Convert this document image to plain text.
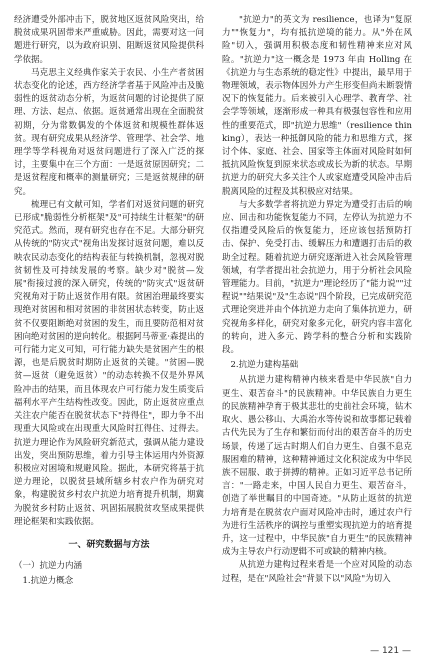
经济遭受外部冲击下，脱贫地区返贫风险突出，给脱贫成果巩固带来严重威胁。因此，需要对这一问题进行研究，以为政府识别、阻断返贫风险提供科学依据。

马克思主义经典作家关于农民、小生产者贫困状态变化的论述，西方经济学者基于风险冲击及脆弱性的返贫动态分析，为返贫问题的讨论提供了原理、方法、起点、依据。返贫通常出现在全面脱贫初期，分为常数偶发的个体返贫和规模性群体返贫。现有研究成果从经济学、管理学、社会学、地理学等学科视角对返贫问题进行了深入广泛的探讨，主要集中在三个方面：一是返贫原因研究；二是返贫程度和概率的测量研究；三是返贫规律的研究。

梳理已有文献可知，学者们对返贫问题的研究已形成"脆弱性分析框架"及"可持续生计框架"的研究范式。然而，现有研究也存在不足。大部分研究从传统的"防灾式"视角出发探讨返贫问题，难以反映农民动态变化的结构表征与转换机制，忽视对脱贫韧性及可持续发展的考察。缺少对"脱贫—发展"衔接过渡的深入研究，传统的"防灾式"返贫研究视角对于防止返贫作用有限。贫困治理最终要实现绝对贫困和相对贫困的非贫困状态转变，防止返贫不仅要阻断绝对贫困的发生，而且要防范相对贫困向绝对贫困的逆向转化。根据阿马蒂亚·森提出的可行能力定义可知，可行能力缺失是贫困产生的根源，也是后脱贫时期防止返贫的关键。"贫困—脱贫—返贫（避免返贫）"的动态转换不仅是外界风险冲击的结果，而且体现农户可行能力发生质变后福利水平产生结构性改变。因此，防止返贫应重点关注农户能否在脱贫状态下"持得住"，即力争不出现重大风险或在出现重大风险时扛得住、过得去。抗逆力理论作为风险研究新范式，强调从能力建设出发，突出预防思维，着力引导主体运用内外资源积极应对困境和规避风险。据此，本研究将基于抗逆力理论，以脱贫县域所辖乡村农户作为研究对象，构建脱贫乡村农户抗逆力培育提升机制，期冀为脱贫乡村防止返贫、巩固拓展脱贫攻坚成果提供理论框架和实践依据。

一、研究数据与方法

（一）抗逆力内涵

1.抗逆力概念

"抗逆力"的英文为 resilience，也译为"复原力""恢复力"，均有抵抗逆境的能力。从"外在风险"切入，强调用积极态度和韧性精神来应对风险。"抗逆力"这一概念是 1973 年由 Holling 在《抗逆力与生态系统的稳定性》中提出，最早用于物理领域，表示物体因外力产生形变但尚未断裂情况下的恢复能力。后来被引入心理学、教育学、社会学等领域，逐渐形成一种具有极强包容性和应用性的重要范式，即"抗逆力思维"（resilience thinking），表达一种抵御风险的能力和思维方式，探讨个体、家庭、社会、国家等主体面对风险时如何抵抗风险恢复到原来状态或成长为新的状态。早期抗逆力的研究大多关注个人或家庭遭受风险冲击后脱离风险的过程及其积极应对结果。

与大多数学者将抗逆力界定为遭受打击后的响应、回击和功能恢复能力不同，左停认为抗逆力不仅指遭受风险后的恢复能力，还应该包括预防打击、保护、免受打击、缓解压力和遭遇打击后的救助全过程。随着抗逆力研究逐渐进入社会风险管理领域，有学者提出社会抗逆力，用于分析社会风险管理能力。目前，"抗逆力"理论经历了"能力说""过程说""结果说"及"生态说"四个阶段，已完成研究范式理论突进并由个体抗逆力走向了集体抗逆力，研究视角多样化，研究对象多元化，研究内容丰富化的转向，进入多元、跨学科的整合分析和实践阶段。

2.抗逆力建构基础

从抗逆力建构精神内核来看是中华民族"自力更生、艰苦奋斗"的民族精神。中华民族自力更生的民族精神孕育于极其悲壮的史前社会环境，钻木取火、愚公移山、大禹治水等传说和故事都记载着古代先民为了生存和繁衍而付出的艰苦奋斗的历史场景，传递了远古时期人们自力更生、自强不息克服困难的精神，这种精神通过文化积淀成为中华民族不屈服、敢于拼搏的精神。正如习近平总书记所言："一路走来，中国人民自力更生、艰苦奋斗，创造了举世瞩目的中国奇迹。"从防止返贫的抗逆力培育是在脱贫农户面对风险冲击时，通过农户行为进行生活秩序的调控与重塑实现抗逆力的培育提升，这一过程中，中华民族"自力更生"的民族精神成为主导农户行动逻辑不可或缺的精神内核。

从抗逆力建构过程来看是一个应对风险的动态过程，是在"风险社会"背景下以"风险"为切入

— 121 —
